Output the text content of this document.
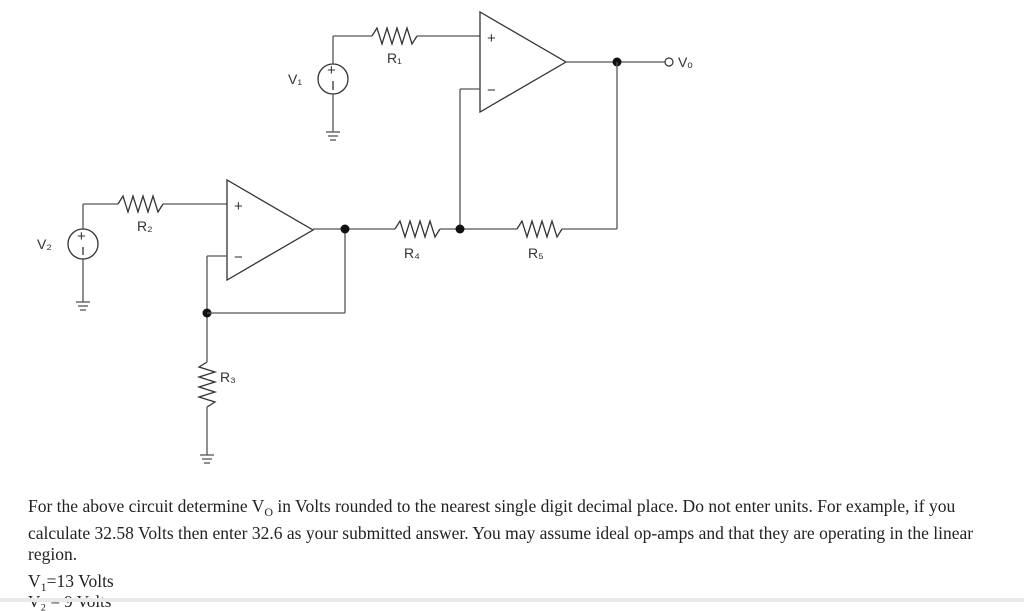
+
V₁
R₁
+
−
Vₒ
+
V₂
R₂
+
−
R₃
R₄	R₅

For the above circuit determine $V_O$ in Volts rounded to the nearest single digit decimal place. Do not enter units. For example, if you calculate 32.58 Volts then enter 32.6 as your submitted answer. You may assume ideal op-amps and that they are operating in the linear region.

$V_1=13$ Volts
